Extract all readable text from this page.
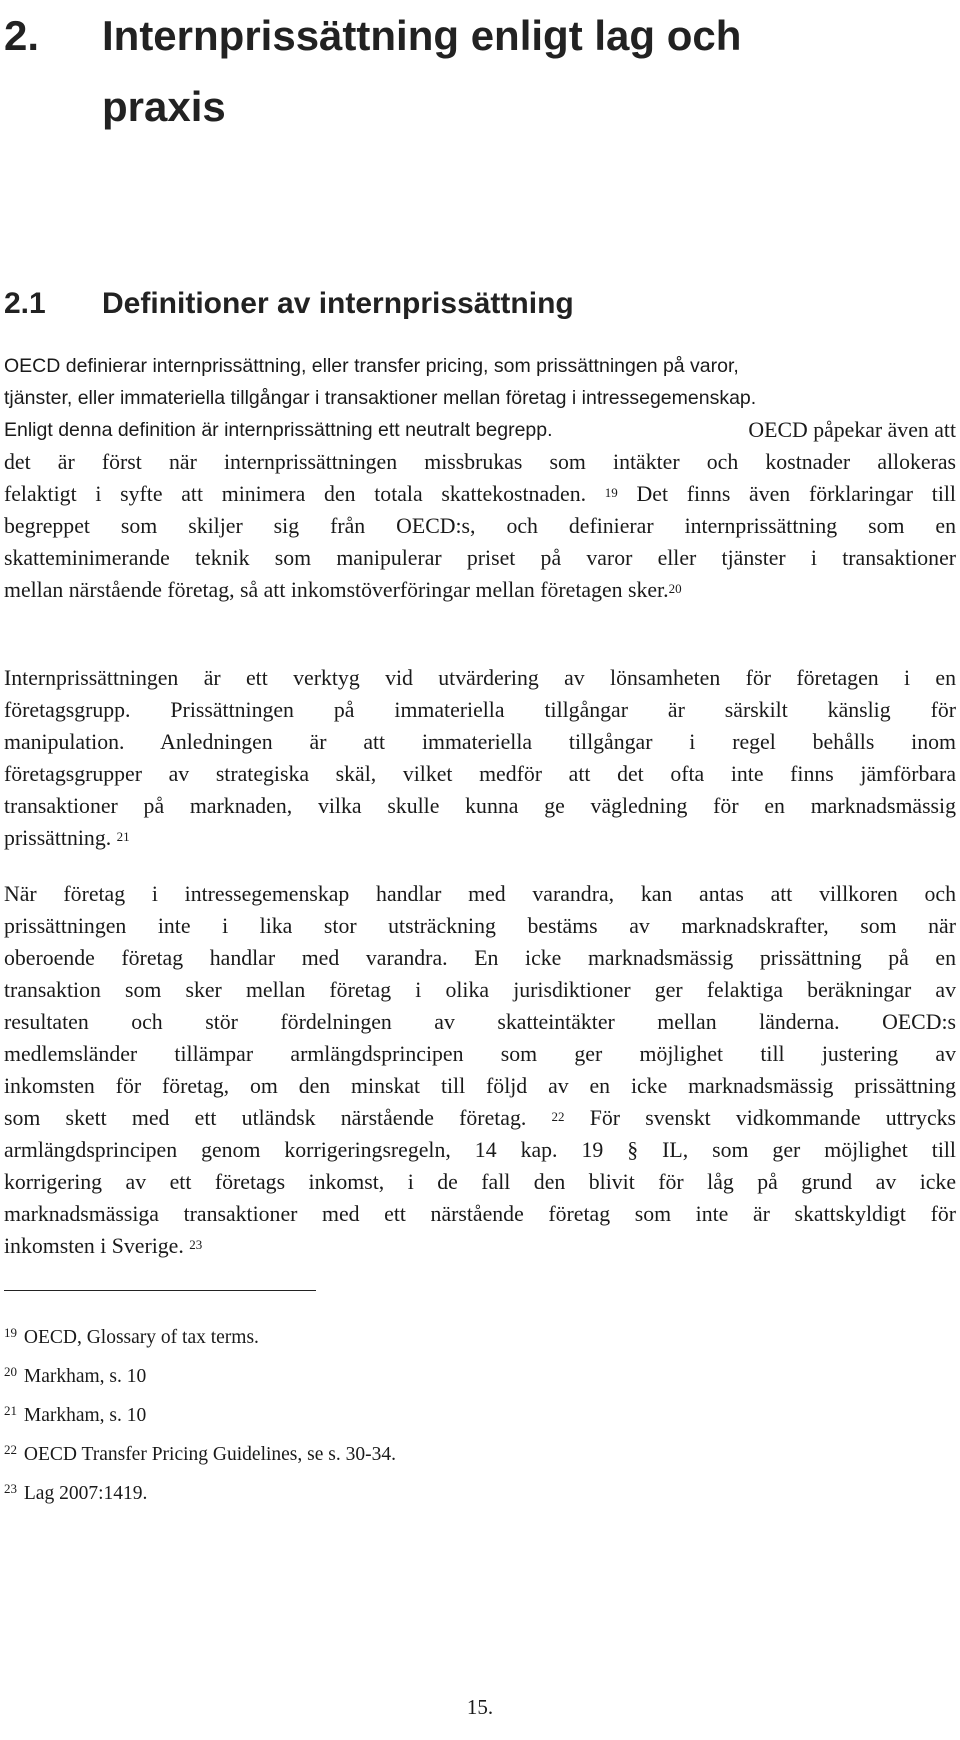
2. Internprissättning enligt lag och
praxis
2.1 Definitioner av internprissättning
OECD definierar internprissättning, eller transfer pricing, som prissättningen på varor,
tjänster, eller immateriella tillgångar i transaktioner mellan företag i intressegemenskap.
Enligt denna definition är internprissättning ett neutralt begrepp.	OECD påpekar även att
det är först när internprissättningen missbrukas som intäkter och kostnader allokeras
felaktigt i syfte att minimera den totala skattekostnaden. $^{19}$ Det finns även förklaringar till
begreppet som skiljer sig från OECD:s, och definierar internprissättning som en
skatteminimerande teknik som manipulerar priset på varor eller tjänster i transaktioner
mellan närstående företag, så att inkomstöverföringar mellan företagen sker.$^{20}$
Internprissättningen är ett verktyg vid utvärdering av lönsamheten för företagen i en
företagsgrupp. Prissättningen på immateriella tillgångar är särskilt känslig för
manipulation. Anledningen är att immateriella tillgångar i regel behålls inom
företagsgrupper av strategiska skäl, vilket medför att det ofta inte finns jämförbara
transaktioner på marknaden, vilka skulle kunna ge vägledning för en marknadsmässig
prissättning. $^{21}$
När företag i intressegemenskap handlar med varandra, kan antas att villkoren och
prissättningen inte i lika stor utsträckning bestäms av marknadskrafter, som när
oberoende företag handlar med varandra. En icke marknadsmässig prissättning på en
transaktion som sker mellan företag i olika jurisdiktioner ger felaktiga beräkningar av
resultaten och stör fördelningen av skatteintäkter mellan länderna. OECD:s
medlemsländer tillämpar armlängdsprincipen som ger möjlighet till justering av
inkomsten för företag, om den minskat till följd av en icke marknadsmässig prissättning
som skett med ett utländsk närstående företag. $^{22}$ För svenskt vidkommande uttrycks
armlängdsprincipen genom korrigeringsregeln, 14 kap. 19 § IL, som ger möjlighet till
korrigering av ett företags inkomst, i de fall den blivit för låg på grund av icke
marknadsmässiga transaktioner med ett närstående företag som inte är skattskyldigt för
inkomsten i Sverige. $^{23}$
$^{19}$ OECD, Glossary of tax terms.
$^{20}$ Markham, s. 10
$^{21}$ Markham, s. 10
$^{22}$ OECD Transfer Pricing Guidelines, se s. 30-34.
$^{23}$ Lag 2007:1419.
15.
